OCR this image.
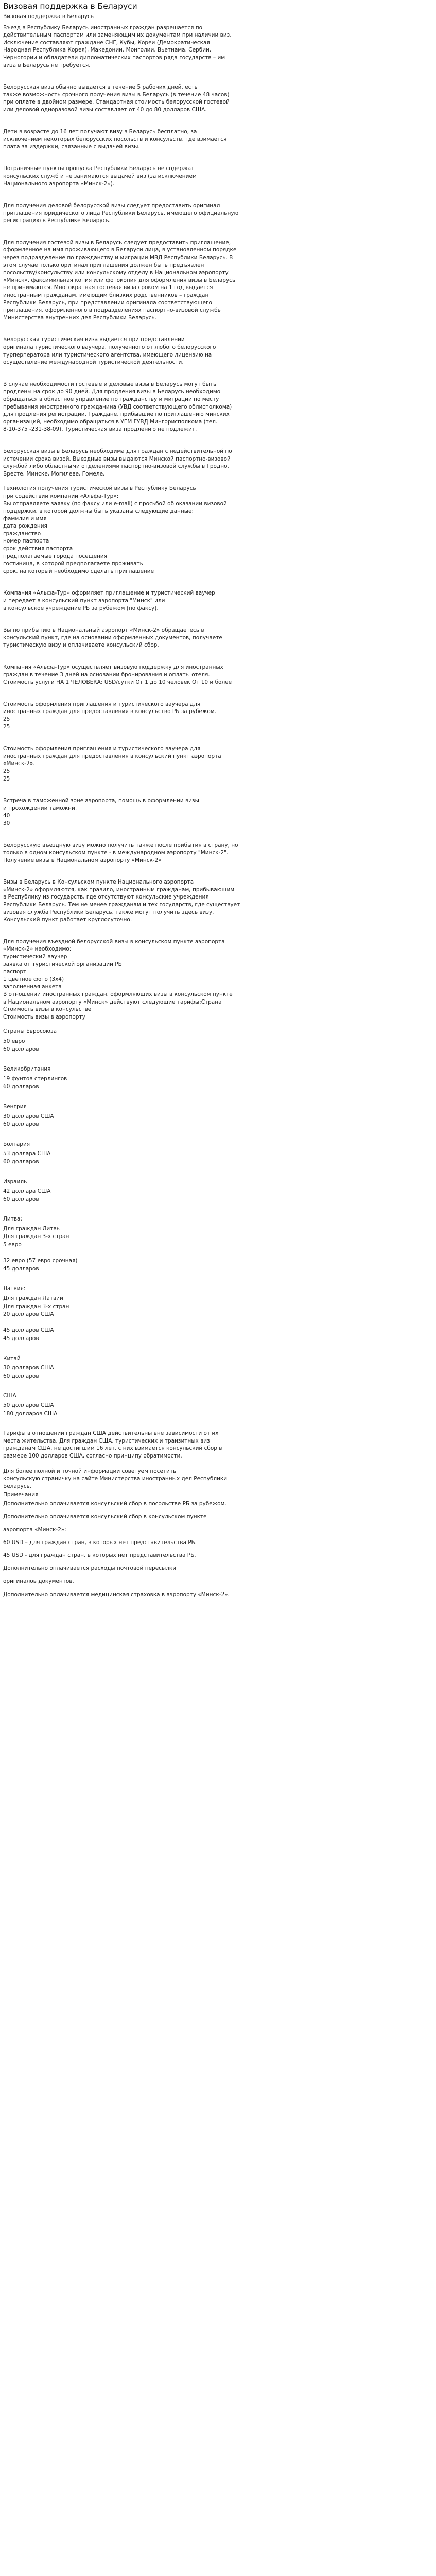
Визовая поддержка в Беларуси

Визовая поддержка в Беларусь

Въезд в Республику Беларусь иностранных граждан разрешается по

действительным паспортам или заменяющим их документам при наличии виз.

Исключение составляют граждане СНГ, Кубы, Кореи (Демократическая

Народная Республика Корея), Македонии, Монголии, Вьетнама, Сербии,

Черногории и обладатели дипломатических паспортов ряда государств – им

виза в Беларусь не требуется.

Белорусская виза обычно выдается в течение 5 рабочих дней, есть

также возможность срочного получения визы в Беларусь (в течение 48 часов)

при оплате в двойном размере. Стандартная стоимость белорусской гостевой

или деловой одноразовой визы составляет от 40 до 80 долларов США.

Дети в возрасте до 16 лет получают визу в Беларусь бесплатно, за

исключением некоторых белорусских посольств и консульств, где взимается

плата за издержки, связанные с выдачей визы.

Пограничные пункты пропуска Республики Беларусь не содержат

консульских служб и не занимаются выдачей виз (за исключением

Национального аэропорта «Минск-2»).

Для получения деловой белорусской визы следует предоставить оригинал

приглашения юридического лица Республики Беларусь, имеющего официальную

регистрацию в Республике Беларусь.

Для получения гостевой визы в Беларусь следует предоставить приглашение,

оформленное на имя проживающего в Беларуси лица, в установленном порядке

через подразделение по гражданству и миграции МВД Республики Беларусь. В

этом случае только оригинал приглашения должен быть предъявлен

посольству/консульству или консульскому отделу в Национальном аэропорту

«Минск», факсимильная копия или фотокопия для оформления визы в Беларусь

не принимаются. Многократная гостевая виза сроком на 1 год выдается

иностранным гражданам, имеющим близких родственников – граждан

Республики Беларусь, при представлении оригинала соответствующего

приглашения, оформленного в подразделениях паспортно-визовой службы

Министерства внутренних дел Республики Беларусь.

Белорусская туристическая виза выдается при представлении

оригинала туристического ваучера, полученного от любого белорусского

турперператора или туристического агентства, имеющего лицензию на

осуществление международной туристической деятельности.

В случае необходимости гостевые и деловые визы в Беларусь могут быть

продлены на срок до 90 дней. Для продления визы в Беларусь необходимо

обращаться в областное управление по гражданству и миграции по месту

пребывания иностранного гражданина (УВД соответствующего облисполкома)

для продления регистрации. Граждане, прибывшие по приглашению минских

организаций, необходимо обращаться в УГМ ГУВД Мингорисполкома (тел.

8-10-375 -231-38-09). Туристическая виза продлению не подлежит.

Белорусская визы в Беларусь необходима для граждан с недействительной по

истечении срока визой. Выездные визы выдаются Минской паспортно-визовой

службой либо областными отделениями паспортно-визовой службы в Гродно,

Бресте, Минске, Могилеве, Гомеле.

Технология получения туристической визы в Республику Беларусь

при содействии компании «Альфа-Тур»:

Вы отправляете заявку (по факсу или e-mail) с просьбой об оказании визовой

поддержки, в которой должны быть указаны следующие данные:

фамилия и имя

дата рождения

гражданство

номер паспорта

срок действия паспорта

предполагаемые города посещения

гостиница, в которой предполагаете проживать

срок, на который необходимо сделать приглашение

Компания «Альфа-Тур» оформляет приглашение и туристический ваучер

и передает в консульский пункт аэропорта "Минск" или

в консульское учреждение РБ за рубежом (по факсу).

Вы по прибытию в Национальный аэропорт «Минск-2» обращаетесь в

консульский пункт, где на основании оформленных документов, получаете

туристическую визу и оплачиваете консульский сбор.

Компания «Альфа-Тур» осуществляет визовую поддержку для иностранных

граждан в течение 3 дней на основании бронирования и оплаты отеля.

Стоимость услуги НА 1 ЧЕЛОВЕКА: USD/сутки От 1 до 10 человек От 10 и более

Стоимость оформления приглашения и туристического ваучера для

иностранных граждан для предоставления в консульство РБ за рубежом.

25

25

Стоимость оформления приглашения и туристического ваучера для

иностранных граждан для предоставления в консульский пункт аэропорта

«Минск-2».

25

25

Встреча в таможенной зоне аэропорта, помощь в оформлении визы

и прохождении таможни.

40

30

Белорусскую въездную визу можно получить также после прибытия в страну, но

только в одном консульском пункте - в международном аэропорту "Минск-2".

Получение визы в Национальном аэропорту «Минск-2»

Визы в Беларусь в Консульском пункте Национального аэропорта

«Минск-2» оформляются, как правило, иностранным гражданам, прибывающим

в Республику из государств, где отсутствуют консульские учреждения

Республики Беларусь. Тем не менее гражданам и тех государств, где существует

визовая служба Республики Беларусь, также могут получить здесь визу.

Консульский пункт работает круглосуточно.

Для получения въездной белорусской визы в консульском пункте аэропорта

«Минск-2» необходимо:

туристический ваучер

заявка от туристической организации РБ

паспорт

1 цветное фото (3х4)

заполненная анкета

В отношении иностранных граждан, оформляющих визы в консульском пункте

в Национальном аэропорту «Минск» действуют следующие тарифы:Страна

Стоимость визы в консульстве

Стоимость визы в аэропорту

Страны Евросоюза

50 евро

60 долларов

Великобритания

19 фунтов стерлингов

60 долларов

Венгрия

30 долларов США

60 долларов

Болгария

53 доллара США

60 долларов

Израиль

42 доллара США

60 долларов

Литва:

Для граждан Литвы

Для граждан 3-х стран

5 евро

32 евро (57 евро срочная)

45 долларов

Латвия:

Для граждан Латвии

Для граждан 3-х стран

20 долларов США

45 долларов США

45 долларов

Китай

30 долларов США

60 долларов

США

50 долларов США

180 долларов США

Тарифы в отношении граждан США действительны вне зависимости от их

места жительства. Для граждан США, туристических и транзитных виз

гражданам США, не достигшим 16 лет, с них взимается консульский сбор в

размере 100 долларов США, согласно принципу обратимости.

Для более полной и точной информации советуем посетить

консульскую страничку на сайте Министерства иностранных дел Республики

Беларусь.

Примечания

Дополнительно оплачивается консульский сбор в посольстве РБ за рубежом.

Дополнительно оплачивается консульский сбор в консульском пункте

аэропорта «Минск-2»:

60 USD – для граждан стран, в которых нет представительства РБ.

45 USD - для граждан стран, в которых нет представительства РБ.

Дополнительно оплачивается расходы почтовой пересылки

оригиналов документов.

Дополнительно оплачивается медицинская страховка в аэропорту «Минск-2».
